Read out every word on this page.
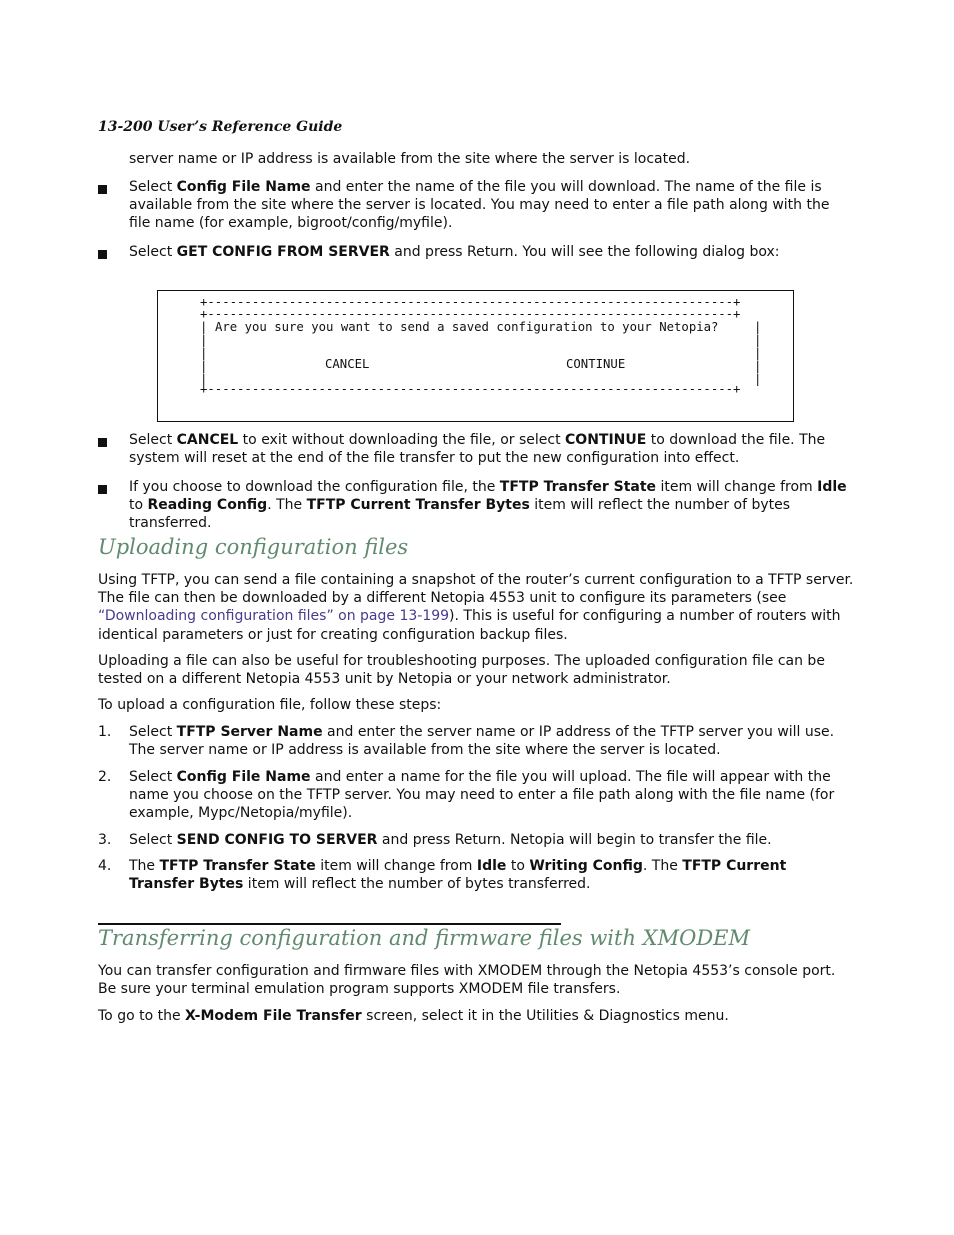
13-200 User’s Reference Guide
server name or IP address is available from the site where the server is located.
Select Config File Name and enter the name of the file you will download. The name of the file is available from the site where the server is located. You may need to enter a file path along with the file name (for example, bigroot/config/myfile).
Select GET CONFIG FROM SERVER and press Return. You will see the following dialog box:
+-----------------------------------------------------------------------+
+-----------------------------------------------------------------------+
|
|
|
|
|
|
|
|
|
|
Are you sure you want to send a saved configuration to your Netopia?
CANCEL	CONTINUE
+-----------------------------------------------------------------------+
Select CANCEL to exit without downloading the file, or select CONTINUE to download the file. The system will reset at the end of the file transfer to put the new configuration into effect.
If you choose to download the configuration file, the TFTP Transfer State item will change from Idle to Reading Config. The TFTP Current Transfer Bytes item will reflect the number of bytes transferred.
Uploading configuration files
Using TFTP, you can send a file containing a snapshot of the router’s current configuration to a TFTP server. The file can then be downloaded by a different Netopia 4553 unit to configure its parameters (see “Downloading configuration files” on page 13-199). This is useful for configuring a number of routers with identical parameters or just for creating configuration backup files.
Uploading a file can also be useful for troubleshooting purposes. The uploaded configuration file can be tested on a different Netopia 4553 unit by Netopia or your network administrator.
To upload a configuration file, follow these steps:
1. Select TFTP Server Name and enter the server name or IP address of the TFTP server you will use. The server name or IP address is available from the site where the server is located.
2. Select Config File Name and enter a name for the file you will upload. The file will appear with the name you choose on the TFTP server. You may need to enter a file path along with the file name (for example, Mypc/Netopia/myfile).
3. Select SEND CONFIG TO SERVER and press Return. Netopia will begin to transfer the file.
4. The TFTP Transfer State item will change from Idle to Writing Config. The TFTP Current Transfer Bytes item will reflect the number of bytes transferred.
Transferring configuration and firmware files with XMODEM
You can transfer configuration and firmware files with XMODEM through the Netopia 4553’s console port. Be sure your terminal emulation program supports XMODEM file transfers.
To go to the X-Modem File Transfer screen, select it in the Utilities & Diagnostics menu.
